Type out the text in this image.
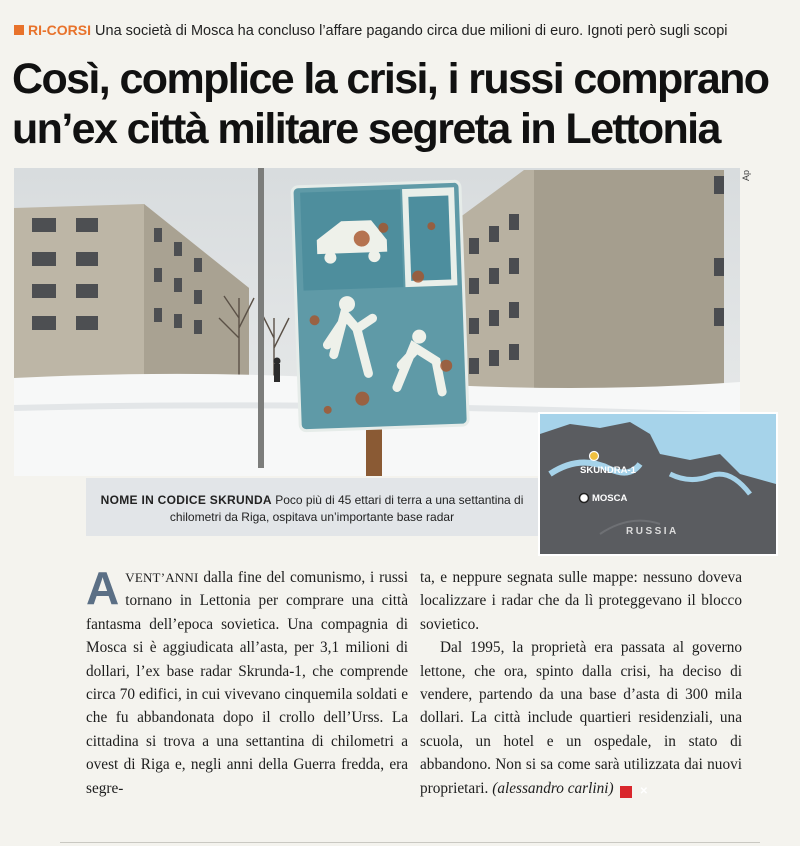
RI-CORSI Una società di Mosca ha concluso l’affare pagando circa due milioni di euro. Ignoti però sugli scopi
Così, complice la crisi, i russi comprano
un’ex città militare segreta in Lettonia
Ap
NOME IN CODICE SKRUNDA Poco più di 45 ettari di terra a una settantina di chilometri da Riga, ospitava un’importante base radar
SKUNDRA-1
MOSCA
RUSSIA

AVENT’ANNI dalla fine del comunismo, i russi tornano in Lettonia per comprare una città fantasma dell’epoca sovietica. Una compagnia di Mosca si è aggiudicata all’asta, per 3,1 milioni di dollari, l’ex base radar Skrunda-1, che comprende circa 70 edifici, in cui vivevano cinquemila soldati e che fu abbandonata dopo il crollo dell’Urss. La cittadina si trova a una settantina di chilometri a ovest di Riga e, negli anni della Guerra fredda, era segre-

ta, e neppure segnata sulle mappe: nessuno doveva localizzare i radar che da lì proteggevano il blocco sovietico.

Dal 1995, la proprietà era passata al governo lettone, che ora, spinto dalla crisi, ha deciso di vendere, partendo da una base d’asta di 300 mila dollari. La città include quartieri residenziali, una scuola, un hotel e un ospedale, in stato di abbandono. Non si sa come sarà utilizzata dai nuovi proprietari. (alessandro carlini)	✕
